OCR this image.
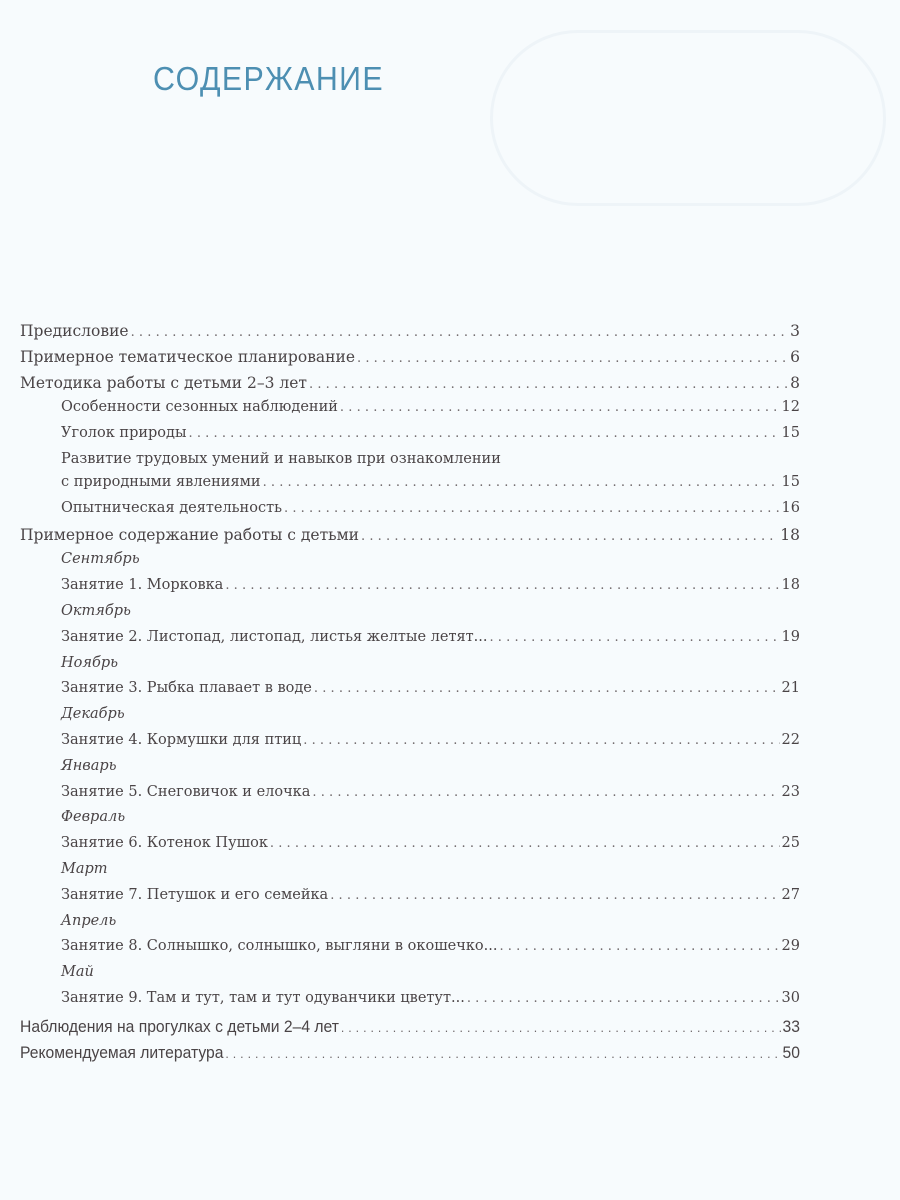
СОДЕРЖАНИЕ
Предисловие .....	3
Примерное тематическое планирование .....	6
Методика работы с детьми 2–3 лет .....	8
Особенности сезонных наблюдений .....	12
Уголок природы .....	15
Развитие трудовых умений и навыков при ознакомлении
с природными явлениями .....	15
Опытническая деятельность .....	16
Примерное содержание работы с детьми .....	18
Сентябрь
Занятие 1. Морковка .....	18
Октябрь
Занятие 2. Листопад, листопад, листья желтые летят... .....	19
Ноябрь
Занятие 3. Рыбка плавает в воде .....	21
Декабрь
Занятие 4. Кормушки для птиц .....	22
Январь
Занятие 5. Снеговичок и елочка .....	23
Февраль
Занятие 6. Котенок Пушок .....	25
Март
Занятие 7. Петушок и его семейка .....	27
Апрель
Занятие 8. Солнышко, солнышко, выгляни в окошечко... .....	29
Май
Занятие 9. Там и тут, там и тут одуванчики цветут... .....	30
Наблюдения на прогулках с детьми 2–4 лет .....	33
Рекомендуемая литература .....	50
